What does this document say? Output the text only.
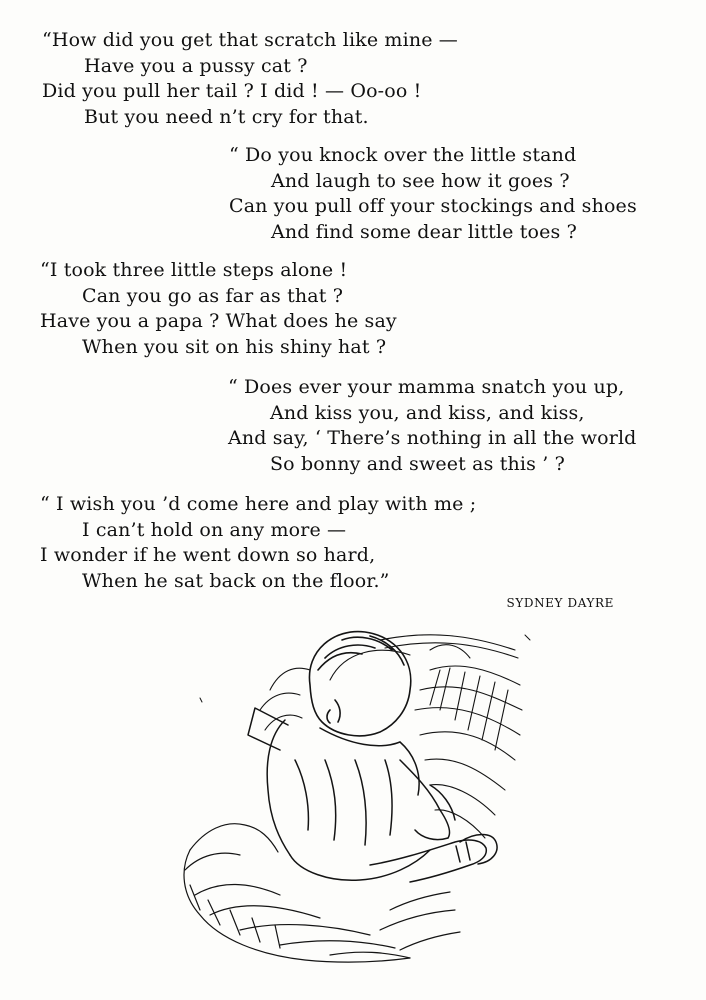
“How did you get that scratch like mine —
Have you a pussy cat ?
Did you pull her tail ? I did ! — Oo-oo !
But you need n’t cry for that.
“ Do you knock over the little stand
And laugh to see how it goes ?
Can you pull off your stockings and shoes
And find some dear little toes ?
“I took three little steps alone !
Can you go as far as that ?
Have you a papa ? What does he say
When you sit on his shiny hat ?
“ Does ever your mamma snatch you up,
And kiss you, and kiss, and kiss,
And say, ‘ There’s nothing in all the world
So bonny and sweet as this ’ ?
“ I wish you ’d come here and play with me ;
I can’t hold on any more —
I wonder if he went down so hard,
When he sat back on the floor.”
SYDNEY DAYRE
